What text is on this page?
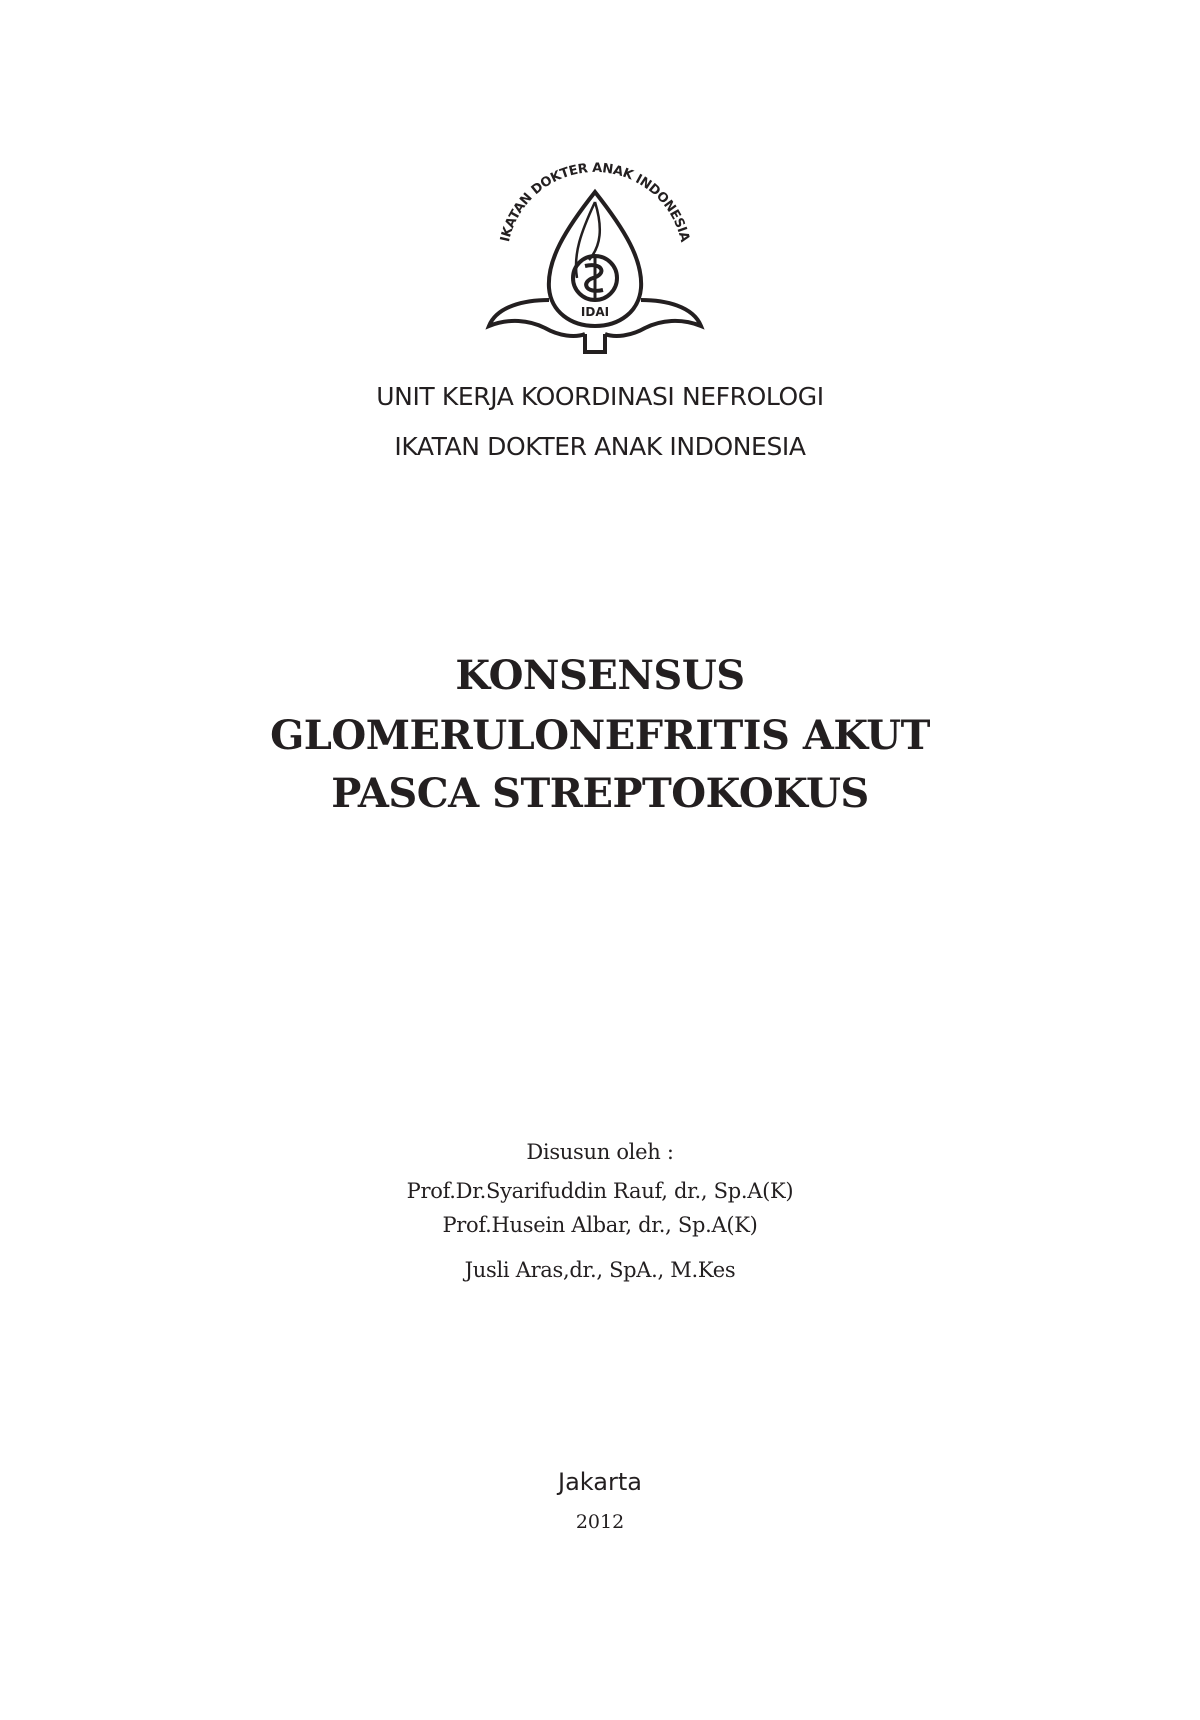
IKATAN DOKTER ANAK INDONESIA
IDAI
UNIT KERJA KOORDINASI NEFROLOGI
IKATAN DOKTER ANAK INDONESIA
KONSENSUS
GLOMERULONEFRITIS AKUT
PASCA STREPTOKOKUS
Disusun oleh :
Prof.Dr.Syarifuddin Rauf, dr., Sp.A(K)
Prof.Husein Albar, dr., Sp.A(K)
Jusli Aras,dr., SpA., M.Kes
Jakarta
2012
